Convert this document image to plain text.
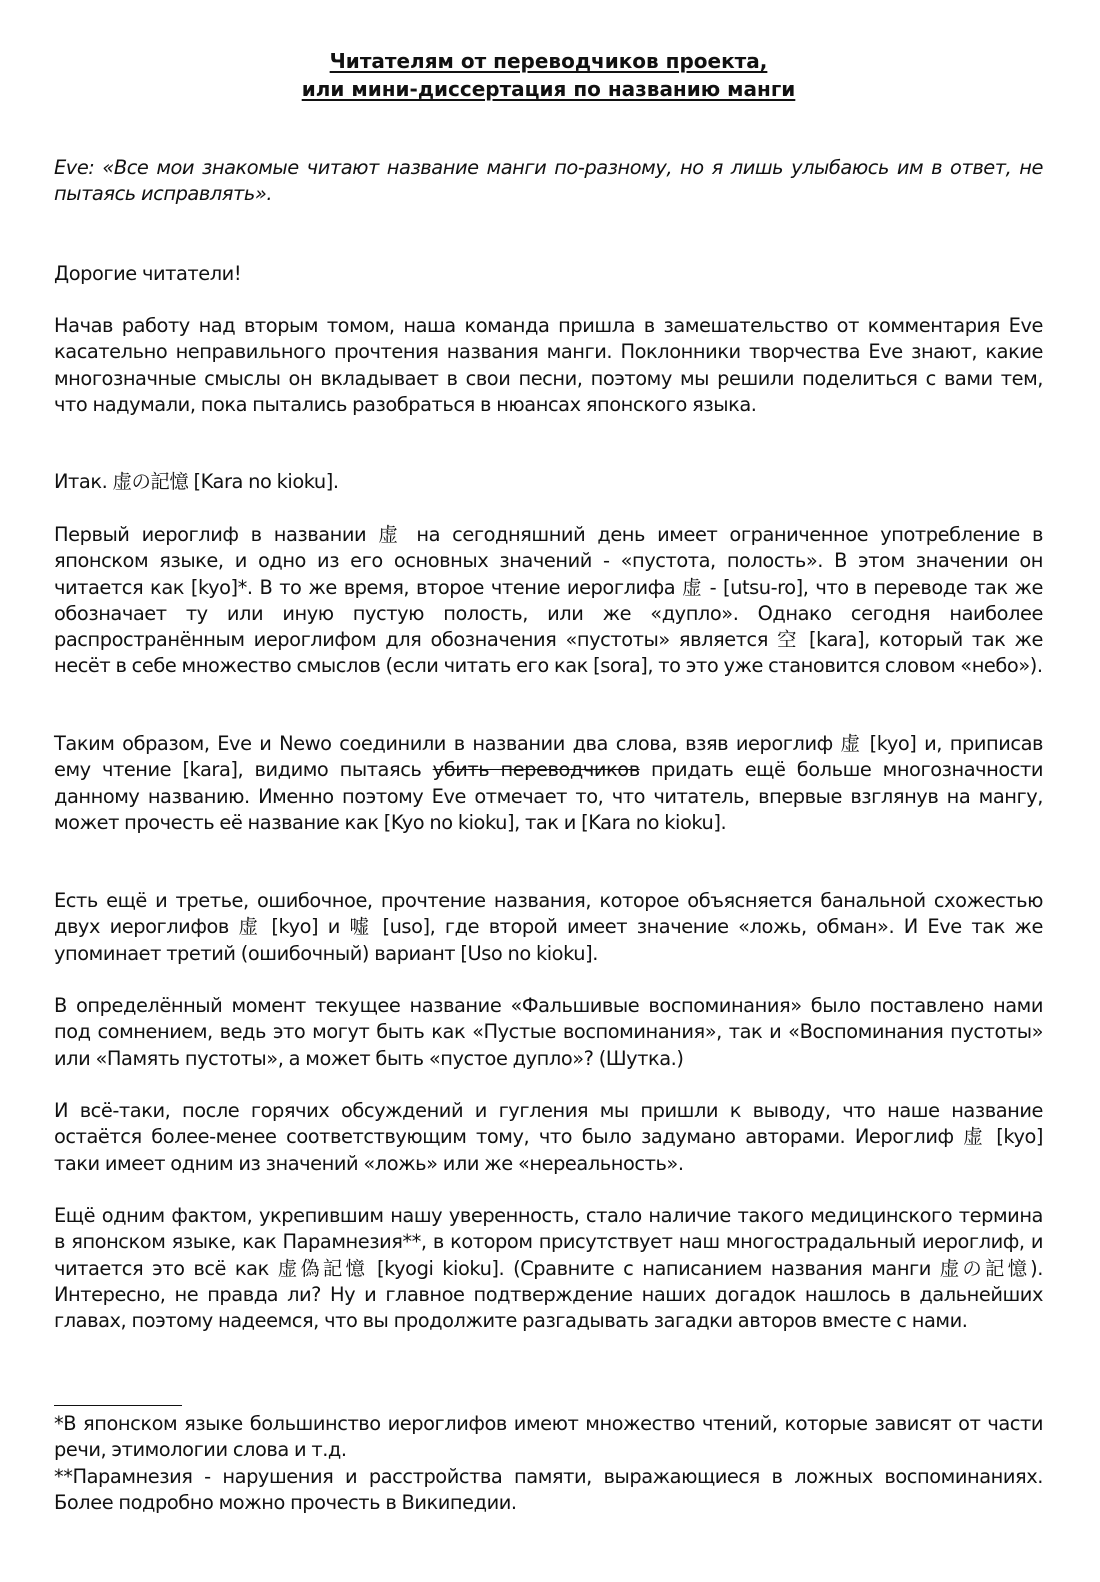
Читателям от переводчиков проекта,
или мини-диссертация по названию манги
Eve: «Все мои знакомые читают название манги по-разному, но я лишь улыбаюсь им в ответ, не пытаясь исправлять».
Дорогие читатели!
Начав работу над вторым томом, наша команда пришла в замешательство от комментария Eve касательно неправильного прочтения названия манги. Поклонники творчества Eve знают, какие многозначные смыслы он вкладывает в свои песни, поэтому мы решили поделиться с вами тем, что надумали, пока пытались разобраться в нюансах японского языка.
Итак. 虚の記憶 [Kara no kioku].
Первый иероглиф в названии 虚 на сегодняшний день имеет ограниченное употребление в японском языке, и одно из его основных значений - «пустота, полость». В этом значении он читается как [kyo]*. В то же время, второе чтение иероглифа 虚 - [utsu-ro], что в переводе так же обозначает ту или иную пустую полость, или же «дупло». Однако сегодня наиболее распространённым иероглифом для обозначения «пустоты» является 空 [kara], который так же несёт в себе множество смыслов (если читать его как [sora], то это уже становится словом «небо»).
Таким образом, Eve и Newo соединили в названии два слова, взяв иероглиф 虚 [kyo] и, приписав ему чтение [kara], видимо пытаясь убить переводчиков придать ещё больше многозначности данному названию. Именно поэтому Eve отмечает то, что читатель, впервые взглянув на мангу, может прочесть её название как [Kyo no kioku], так и [Kara no kioku].
Есть ещё и третье, ошибочное, прочтение названия, которое объясняется банальной схожестью двух иероглифов 虚 [kyo] и 嘘 [uso], где второй имеет значение «ложь, обман». И Eve так же упоминает третий (ошибочный) вариант [Uso no kioku].
В определённый момент текущее название «Фальшивые воспоминания» было поставлено нами под сомнением, ведь это могут быть как «Пустые воспоминания», так и «Воспоминания пустоты» или «Память пустоты», а может быть «пустое дупло»? (Шутка.)
И всё-таки, после горячих обсуждений и гугления мы пришли к выводу, что наше название остаётся более-менее соответствующим тому, что было задумано авторами. Иероглиф 虚 [kyo] таки имеет одним из значений «ложь» или же «нереальность».
Ещё одним фактом, укрепившим нашу уверенность, стало наличие такого медицинского термина в японском языке, как Парамнезия**, в котором присутствует наш многострадальный иероглиф, и читается это всё как 虚偽記憶 [kyogi kioku]. (Сравните с написанием названия манги 虚の記憶). Интересно, не правда ли? Ну и главное подтверждение наших догадок нашлось в дальнейших главах, поэтому надеемся, что вы продолжите разгадывать загадки авторов вместе с нами.
*В японском языке большинство иероглифов имеют множество чтений, которые зависят от части речи, этимологии слова и т.д.
**Парамнезия - нарушения и расстройства памяти, выражающиеся в ложных воспоминаниях. Более подробно можно прочесть в Википедии.
